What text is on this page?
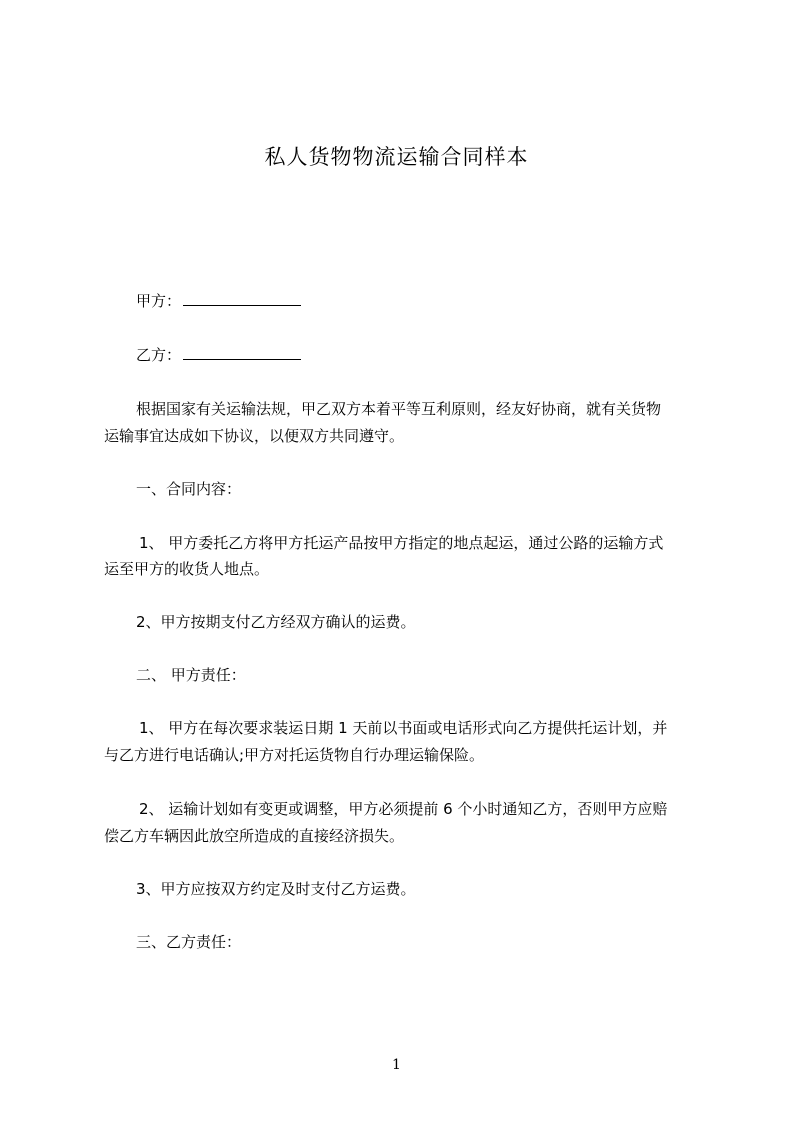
私人货物物流运输合同样本

甲方：

乙方：

根据国家有关运输法规，甲乙双方本着平等互利原则，经友好协商，就有关货物

运输事宜达成如下协议，以便双方共同遵守。

一、合同内容：

1、 甲方委托乙方将甲方托运产品按甲方指定的地点起运，通过公路的运输方式

运至甲方的收货人地点。

2、甲方按期支付乙方经双方确认的运费。

二、 甲方责任：

1、 甲方在每次要求装运日期 1 天前以书面或电话形式向乙方提供托运计划，并

与乙方进行电话确认;甲方对托运货物自行办理运输保险。

2、 运输计划如有变更或调整，甲方必须提前 6 个小时通知乙方，否则甲方应赔

偿乙方车辆因此放空所造成的直接经济损失。

3、甲方应按双方约定及时支付乙方运费。

三、乙方责任：

1
